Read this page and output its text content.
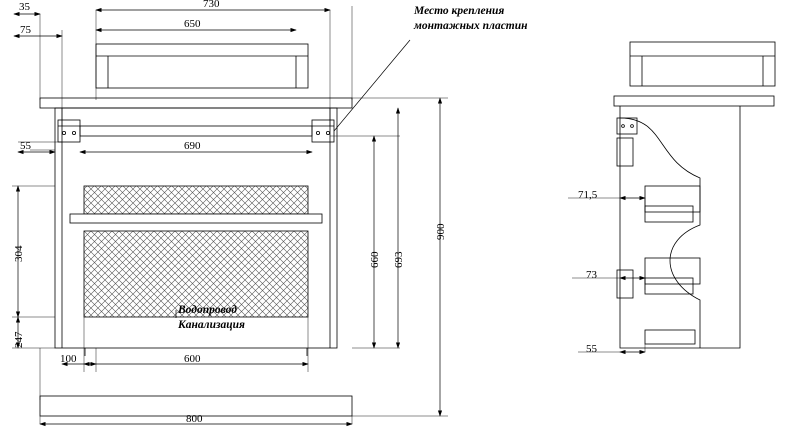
35	730
650
75
690
55
304
247
100	600
660 693
900
800
71,5
73
55
Место крепления
монтажных пластин
Водопровод
Канализация
